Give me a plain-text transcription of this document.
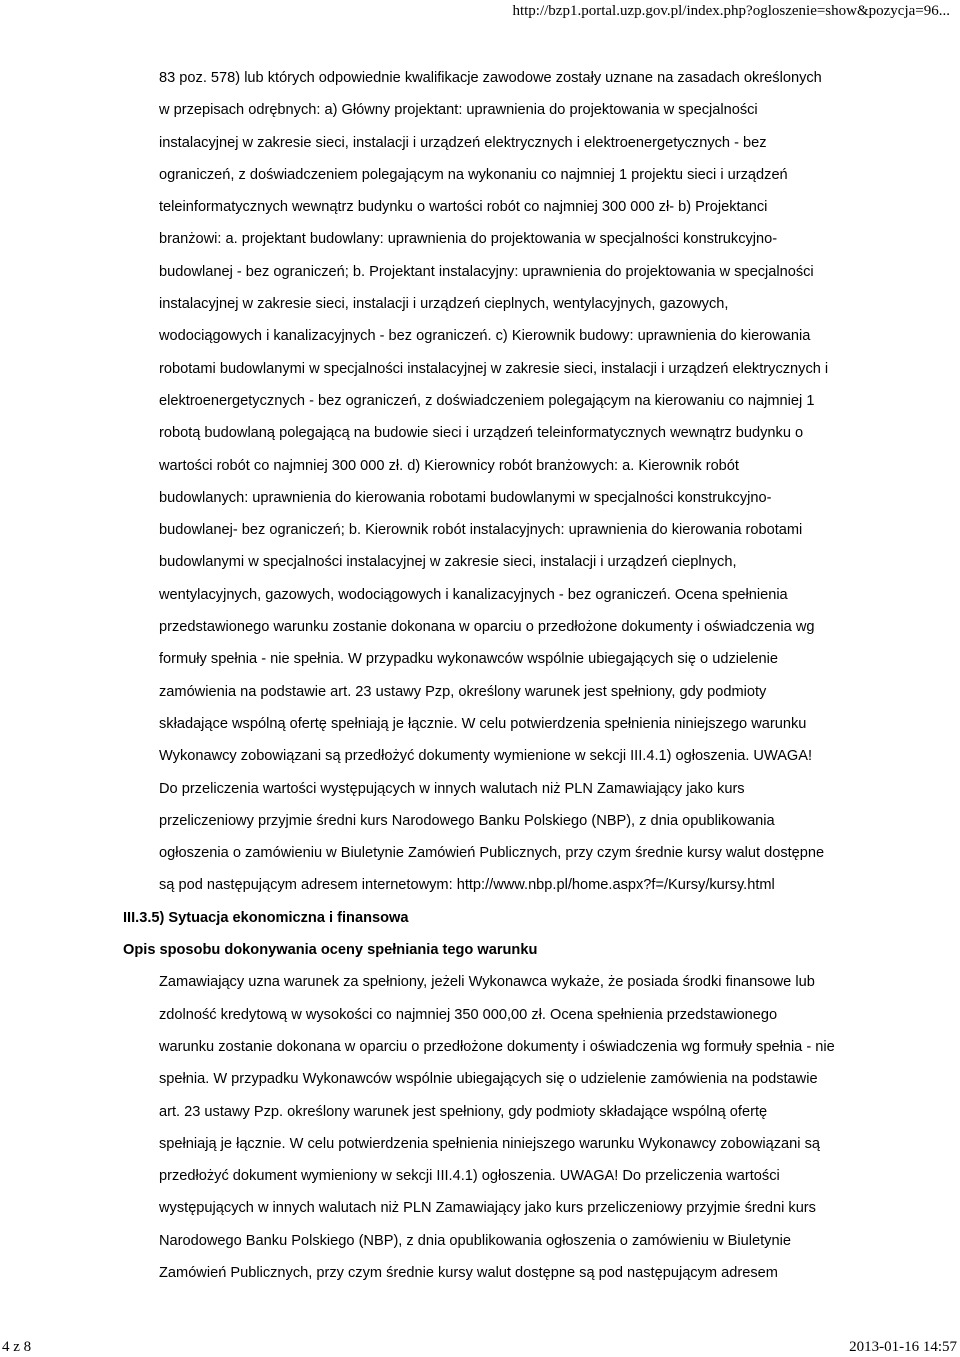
http://bzp1.portal.uzp.gov.pl/index.php?ogloszenie=show&pozycja=96...
83 poz. 578) lub których odpowiednie kwalifikacje zawodowe zostały uznane na zasadach określonych
w przepisach odrębnych: a) Główny projektant: uprawnienia do projektowania w specjalności
instalacyjnej w zakresie sieci, instalacji i urządzeń elektrycznych i elektroenergetycznych - bez
ograniczeń, z doświadczeniem polegającym na wykonaniu co najmniej 1 projektu sieci i urządzeń
teleinformatycznych wewnątrz budynku o wartości robót co najmniej 300 000 zł- b) Projektanci
branżowi: a. projektant budowlany: uprawnienia do projektowania w specjalności konstrukcyjno-
budowlanej - bez ograniczeń; b. Projektant instalacyjny: uprawnienia do projektowania w specjalności
instalacyjnej w zakresie sieci, instalacji i urządzeń cieplnych, wentylacyjnych, gazowych,
wodociągowych i kanalizacyjnych - bez ograniczeń. c) Kierownik budowy: uprawnienia do kierowania
robotami budowlanymi w specjalności instalacyjnej w zakresie sieci, instalacji i urządzeń elektrycznych i
elektroenergetycznych - bez ograniczeń, z doświadczeniem polegającym na kierowaniu co najmniej 1
robotą budowlaną polegającą na budowie sieci i urządzeń teleinformatycznych wewnątrz budynku o
wartości robót co najmniej 300 000 zł. d) Kierownicy robót branżowych: a. Kierownik robót
budowlanych: uprawnienia do kierowania robotami budowlanymi w specjalności konstrukcyjno-
budowlanej- bez ograniczeń; b. Kierownik robót instalacyjnych: uprawnienia do kierowania robotami
budowlanymi w specjalności instalacyjnej w zakresie sieci, instalacji i urządzeń cieplnych,
wentylacyjnych, gazowych, wodociągowych i kanalizacyjnych - bez ograniczeń. Ocena spełnienia
przedstawionego warunku zostanie dokonana w oparciu o przedłożone dokumenty i oświadczenia wg
formuły spełnia - nie spełnia. W przypadku wykonawców wspólnie ubiegających się o udzielenie
zamówienia na podstawie art. 23 ustawy Pzp, określony warunek jest spełniony, gdy podmioty
składające wspólną ofertę spełniają je łącznie. W celu potwierdzenia spełnienia niniejszego warunku
Wykonawcy zobowiązani są przedłożyć dokumenty wymienione w sekcji III.4.1) ogłoszenia. UWAGA!
Do przeliczenia wartości występujących w innych walutach niż PLN Zamawiający jako kurs
przeliczeniowy przyjmie średni kurs Narodowego Banku Polskiego (NBP), z dnia opublikowania
ogłoszenia o zamówieniu w Biuletynie Zamówień Publicznych, przy czym średnie kursy walut dostępne
są pod następującym adresem internetowym: http://www.nbp.pl/home.aspx?f=/Kursy/kursy.html
III.3.5) Sytuacja ekonomiczna i finansowa
Opis sposobu dokonywania oceny spełniania tego warunku
Zamawiający uzna warunek za spełniony, jeżeli Wykonawca wykaże, że posiada środki finansowe lub
zdolność kredytową w wysokości co najmniej 350 000,00 zł. Ocena spełnienia przedstawionego
warunku zostanie dokonana w oparciu o przedłożone dokumenty i oświadczenia wg formuły spełnia - nie
spełnia. W przypadku Wykonawców wspólnie ubiegających się o udzielenie zamówienia na podstawie
art. 23 ustawy Pzp. określony warunek jest spełniony, gdy podmioty składające wspólną ofertę
spełniają je łącznie. W celu potwierdzenia spełnienia niniejszego warunku Wykonawcy zobowiązani są
przedłożyć dokument wymieniony w sekcji III.4.1) ogłoszenia. UWAGA! Do przeliczenia wartości
występujących w innych walutach niż PLN Zamawiający jako kurs przeliczeniowy przyjmie średni kurs
Narodowego Banku Polskiego (NBP), z dnia opublikowania ogłoszenia o zamówieniu w Biuletynie
Zamówień Publicznych, przy czym średnie kursy walut dostępne są pod następującym adresem
4 z 8	2013-01-16 14:57
